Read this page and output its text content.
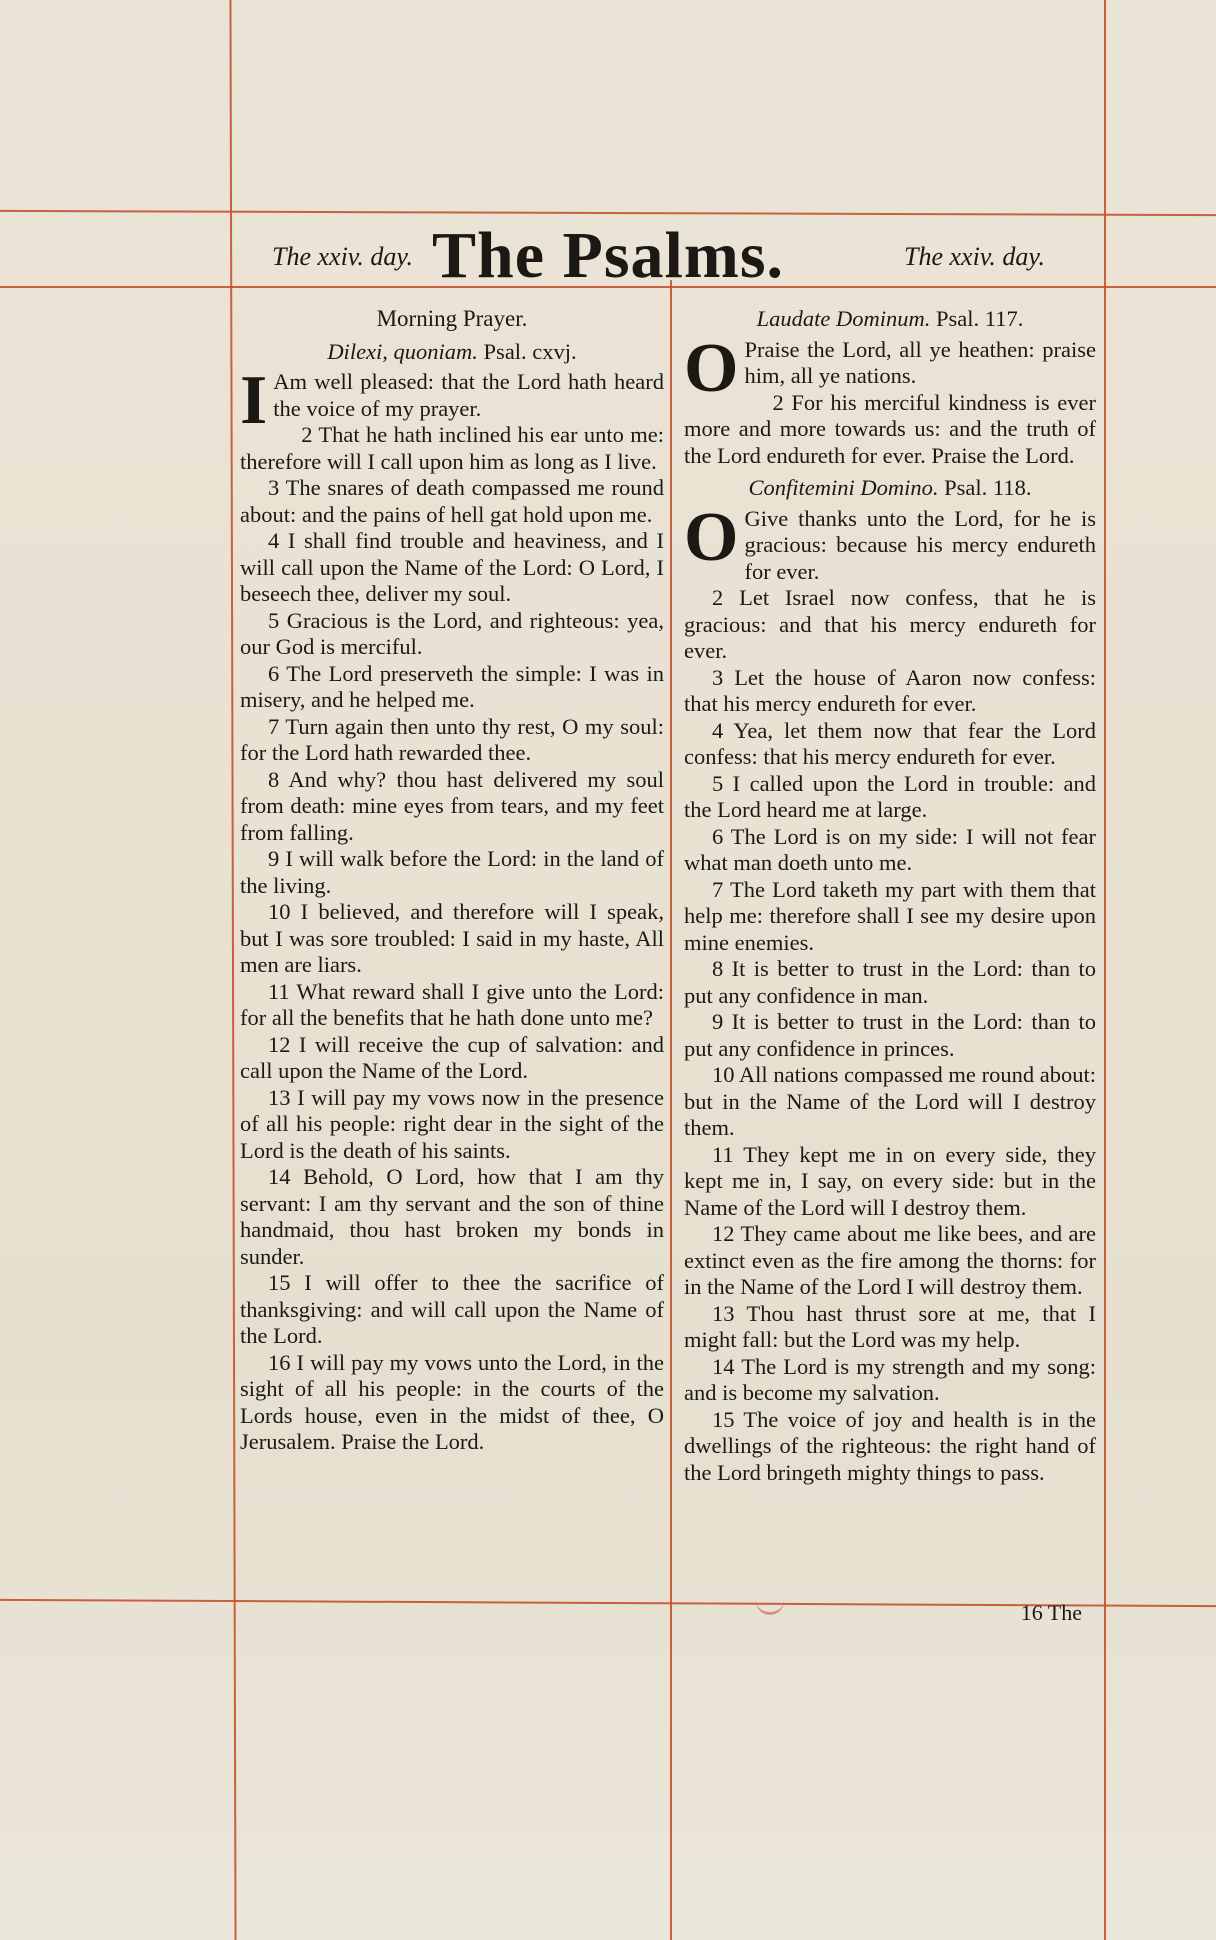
The xxiv. day. The Psalms.	The xxiv. day.
Morning Prayer.
Dilexi, quoniam. Psal. cxvj.

I Am well pleased: that the Lord hath heard the voice of my prayer.

2 That he hath inclined his ear unto me: therefore will I call upon him as long as I live.

3 The snares of death compassed me round about: and the pains of hell gat hold upon me.

4 I shall find trouble and heaviness, and I will call upon the Name of the Lord: O Lord, I beseech thee, deliver my soul.

5 Gracious is the Lord, and righteous: yea, our God is merciful.

6 The Lord preserveth the simple: I was in misery, and he helped me.

7 Turn again then unto thy rest, O my soul: for the Lord hath rewarded thee.

8 And why? thou hast delivered my soul from death: mine eyes from tears, and my feet from falling.

9 I will walk before the Lord: in the land of the living.

10 I believed, and therefore will I speak, but I was sore troubled: I said in my haste, All men are liars.

11 What reward shall I give unto the Lord: for all the benefits that he hath done unto me?

12 I will receive the cup of salvation: and call upon the Name of the Lord.

13 I will pay my vows now in the presence of all his people: right dear in the sight of the Lord is the death of his saints.

14 Behold, O Lord, how that I am thy servant: I am thy servant and the son of thine handmaid, thou hast broken my bonds in sunder.

15 I will offer to thee the sacrifice of thanksgiving: and will call upon the Name of the Lord.

16 I will pay my vows unto the Lord, in the sight of all his people: in the courts of the Lords house, even in the midst of thee, O Jerusalem. Praise the Lord.

Laudate Dominum. Psal. 117.

O Praise the Lord, all ye heathen: praise him, all ye nations.

2 For his merciful kindness is ever more and more towards us: and the truth of the Lord endureth for ever. Praise the Lord.

Confitemini Domino. Psal. 118.

O Give thanks unto the Lord, for he is gracious: because his mercy endureth for ever.

2 Let Israel now confess, that he is gracious: and that his mercy endureth for ever.

3 Let the house of Aaron now confess: that his mercy endureth for ever.

4 Yea, let them now that fear the Lord confess: that his mercy endureth for ever.

5 I called upon the Lord in trouble: and the Lord heard me at large.

6 The Lord is on my side: I will not fear what man doeth unto me.

7 The Lord taketh my part with them that help me: therefore shall I see my desire upon mine enemies.

8 It is better to trust in the Lord: than to put any confidence in man.

9 It is better to trust in the Lord: than to put any confidence in princes.

10 All nations compassed me round about: but in the Name of the Lord will I destroy them.

11 They kept me in on every side, they kept me in, I say, on every side: but in the Name of the Lord will I destroy them.

12 They came about me like bees, and are extinct even as the fire among the thorns: for in the Name of the Lord I will destroy them.

13 Thou hast thrust sore at me, that I might fall: but the Lord was my help.

14 The Lord is my strength and my song: and is become my salvation.

15 The voice of joy and health is in the dwellings of the righteous: the right hand of the Lord bringeth mighty things to pass.

16 The
